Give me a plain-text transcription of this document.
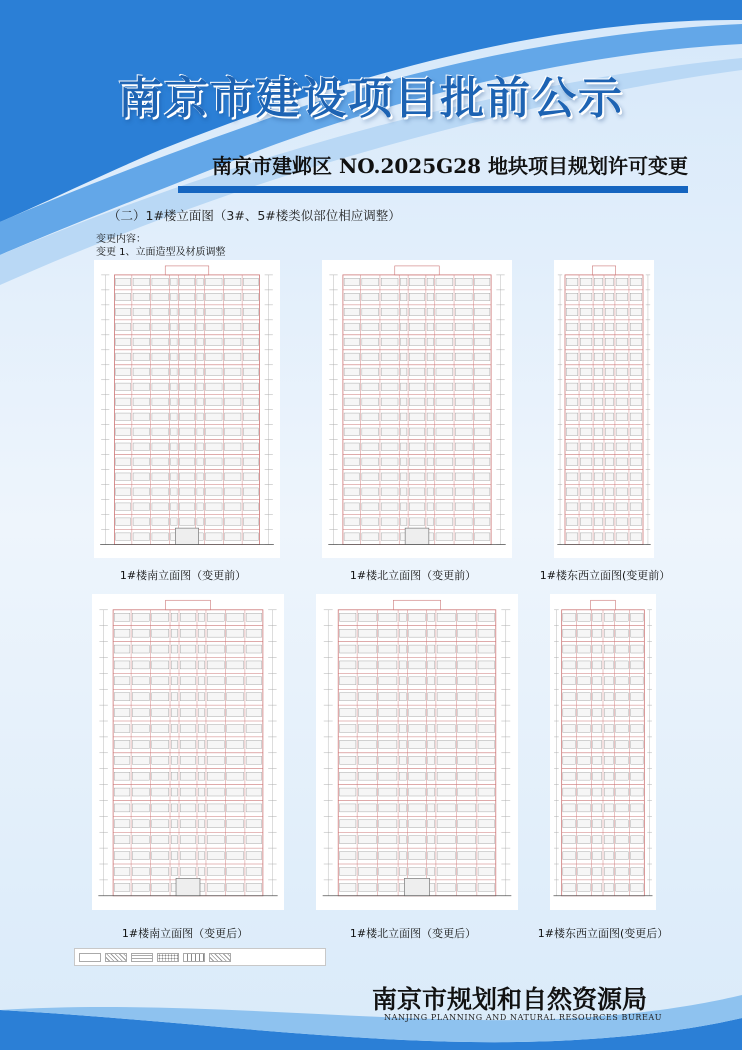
南京市建设项目批前公示
南京市建邺区 NO.2025G28 地块项目规划许可变更
（二）1#楼立面图（3#、5#楼类似部位相应调整）
变更内容：
变更 1、立面造型及材质调整
1#楼南立面图（变更前）	1#楼北立面图（变更前）	1#楼东西立面图(变更前）
1#楼南立面图（变更后）	1#楼北立面图（变更后）	1#楼东西立面图(变更后）
南京市规划和自然资源局
NANJING PLANNING AND NATURAL RESOURCES BUREAU
